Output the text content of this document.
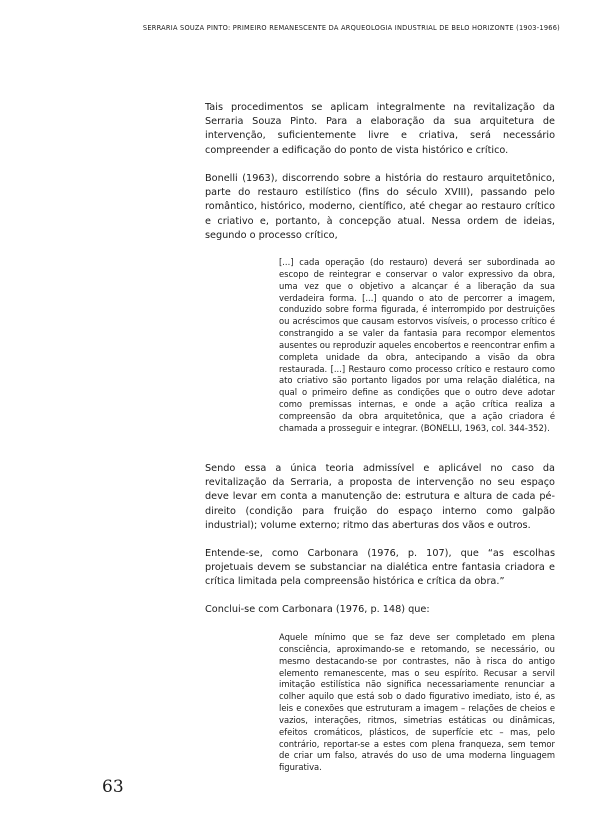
SERRARIA SOUZA PINTO: PRIMEIRO REMANESCENTE DA ARQUEOLOGIA INDUSTRIAL DE BELO HORIZONTE (1903-1966)

Tais procedimentos se aplicam integralmente na revitalização da Serraria Souza Pinto. Para a elaboração da sua arquitetura de intervenção, suficientemente livre e criativa, será necessário compreender a edificação do ponto de vista histórico e crítico.

Bonelli (1963), discorrendo sobre a história do restauro arquitetônico, parte do restauro estilístico (fins do século XVIII), passando pelo romântico, histórico, moderno, científico, até chegar ao restauro crítico e criativo e, portanto, à concepção atual. Nessa ordem de ideias, segundo o processo crítico,

[...] cada operação (do restauro) deverá ser subordinada ao escopo de reintegrar e conservar o valor expressivo da obra, uma vez que o objetivo a alcançar é a liberação da sua verdadeira forma. [...] quando o ato de percorrer a imagem, conduzido sobre forma figurada, é interrompido por destruições ou acréscimos que causam estorvos visíveis, o processo crítico é constrangido a se valer da fantasia para recompor elementos ausentes ou reproduzir aqueles encobertos e reencontrar enfim a completa unidade da obra, antecipando a visão da obra restaurada. [...] Restauro como processo crítico e restauro como ato criativo são portanto ligados por uma relação dialética, na qual o primeiro define as condições que o outro deve adotar como premissas internas, e onde a ação crítica realiza a compreensão da obra arquitetônica, que a ação criadora é chamada a prosseguir e integrar. (BONELLI, 1963, col. 344-352).

Sendo essa a única teoria admissível e aplicável no caso da revitalização da Serraria, a proposta de intervenção no seu espaço deve levar em conta a manutenção de: estrutura e altura de cada pé-direito (condição para fruição do espaço interno como galpão industrial); volume externo; ritmo das aberturas dos vãos e outros.

Entende-se, como Carbonara (1976, p. 107), que “as escolhas projetuais devem se substanciar na dialética entre fantasia criadora e crítica limitada pela compreensão histórica e crítica da obra.”

Conclui-se com Carbonara (1976, p. 148) que:

Aquele mínimo que se faz deve ser completado em plena consciência, aproximando-se e retomando, se necessário, ou mesmo destacando-se por contrastes, não à risca do antigo elemento remanescente, mas o seu espírito. Recusar a servil imitação estilística não significa necessariamente renunciar a colher aquilo que está sob o dado figurativo imediato, isto é, as leis e conexões que estruturam a imagem – relações de cheios e vazios, interações, ritmos, simetrias estáticas ou dinâmicas, efeitos cromáticos, plásticos, de superfície etc – mas, pelo contrário, reportar-se a estes com plena franqueza, sem temor de criar um falso, através do uso de uma moderna linguagem figurativa.

63
